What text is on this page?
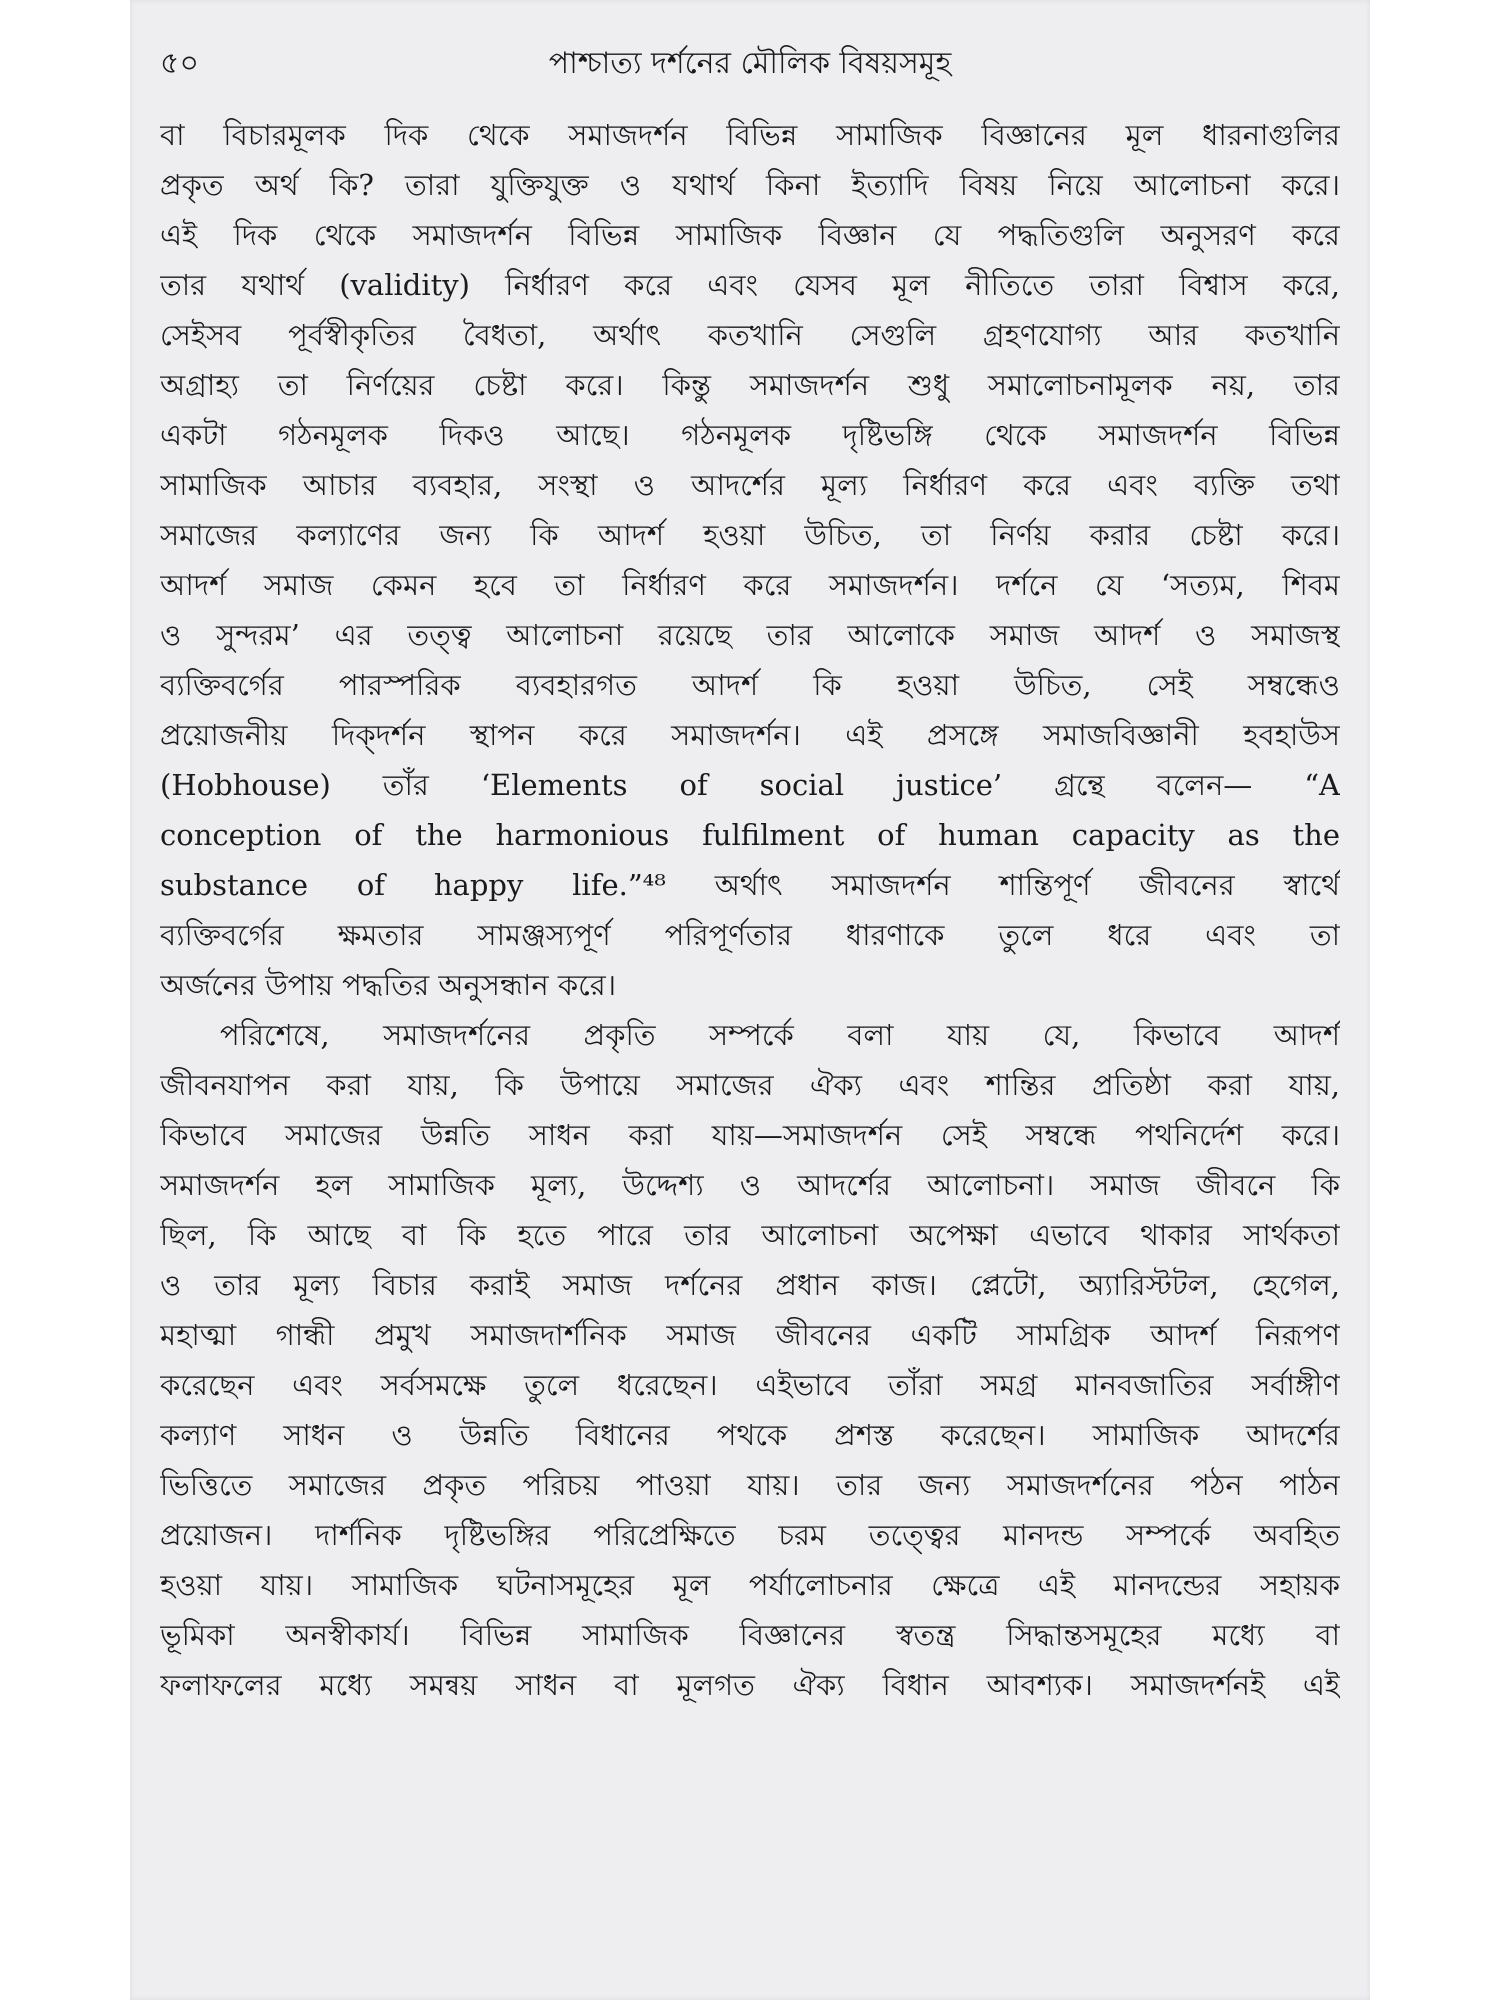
৫০	পাশ্চাত্য দর্শনের মৌলিক বিষয়সমূহ
বা বিচারমূলক দিক থেকে সমাজদর্শন বিভিন্ন সামাজিক বিজ্ঞানের মূল ধারনাগুলির
প্রকৃত অর্থ কি? তারা যুক্তিযুক্ত ও যথার্থ কিনা ইত্যাদি বিষয় নিয়ে আলোচনা করে।
এই দিক থেকে সমাজদর্শন বিভিন্ন সামাজিক বিজ্ঞান যে পদ্ধতিগুলি অনুসরণ করে
তার যথার্থ (validity) নির্ধারণ করে এবং যেসব মূল নীতিতে তারা বিশ্বাস করে,
সেইসব পূর্বস্বীকৃতির বৈধতা, অর্থাৎ কতখানি সেগুলি গ্রহণযোগ্য আর কতখানি
অগ্রাহ্য তা নির্ণয়ের চেষ্টা করে। কিন্তু সমাজদর্শন শুধু সমালোচনামূলক নয়, তার
একটা গঠনমূলক দিকও আছে। গঠনমূলক দৃষ্টিভঙ্গি থেকে সমাজদর্শন বিভিন্ন
সামাজিক আচার ব্যবহার, সংস্থা ও আদর্শের মূল্য নির্ধারণ করে এবং ব্যক্তি তথা
সমাজের কল্যাণের জন্য কি আদর্শ হওয়া উচিত, তা নির্ণয় করার চেষ্টা করে।
আদর্শ সমাজ কেমন হবে তা নির্ধারণ করে সমাজদর্শন। দর্শনে যে ‘সত্যম, শিবম
ও সুন্দরম’ এর তত্ত্ব আলোচনা রয়েছে তার আলোকে সমাজ আদর্শ ও সমাজস্থ
ব্যক্তিবর্গের পারস্পরিক ব্যবহারগত আদর্শ কি হওয়া উচিত, সেই সম্বন্ধেও
প্রয়োজনীয় দিক্দর্শন স্থাপন করে সমাজদর্শন। এই প্রসঙ্গে সমাজবিজ্ঞানী হবহাউস
(Hobhouse) তাঁর ‘Elements of social justice’ গ্রন্থে বলেন— “A
conception of the harmonious fulfilment of human capacity as the
substance of happy life.”⁴⁸ অর্থাৎ সমাজদর্শন শান্তিপূর্ণ জীবনের স্বার্থে
ব্যক্তিবর্গের ক্ষমতার সামঞ্জস্যপূর্ণ পরিপূর্ণতার ধারণাকে তুলে ধরে এবং তা
অর্জনের উপায় পদ্ধতির অনুসন্ধান করে।
পরিশেষে, সমাজদর্শনের প্রকৃতি সম্পর্কে বলা যায় যে, কিভাবে আদর্শ
জীবনযাপন করা যায়, কি উপায়ে সমাজের ঐক্য এবং শান্তির প্রতিষ্ঠা করা যায়,
কিভাবে সমাজের উন্নতি সাধন করা যায়—সমাজদর্শন সেই সম্বন্ধে পথনির্দেশ করে।
সমাজদর্শন হল সামাজিক মূল্য, উদ্দেশ্য ও আদর্শের আলোচনা। সমাজ জীবনে কি
ছিল, কি আছে বা কি হতে পারে তার আলোচনা অপেক্ষা এভাবে থাকার সার্থকতা
ও তার মূল্য বিচার করাই সমাজ দর্শনের প্রধান কাজ। প্লেটো, অ্যারিস্টটল, হেগেল,
মহাত্মা গান্ধী প্রমুখ সমাজদার্শনিক সমাজ জীবনের একটি সামগ্রিক আদর্শ নিরূপণ
করেছেন এবং সর্বসমক্ষে তুলে ধরেছেন। এইভাবে তাঁরা সমগ্র মানবজাতির সর্বাঙ্গীণ
কল্যাণ সাধন ও উন্নতি বিধানের পথকে প্রশস্ত করেছেন। সামাজিক আদর্শের
ভিত্তিতে সমাজের প্রকৃত পরিচয় পাওয়া যায়। তার জন্য সমাজদর্শনের পঠন পাঠন
প্রয়োজন। দার্শনিক দৃষ্টিভঙ্গির পরিপ্রেক্ষিতে চরম তত্ত্বের মানদন্ড সম্পর্কে অবহিত
হওয়া যায়। সামাজিক ঘটনাসমূহের মূল পর্যালোচনার ক্ষেত্রে এই মানদন্ডের সহায়ক
ভূমিকা অনস্বীকার্য। বিভিন্ন সামাজিক বিজ্ঞানের স্বতন্ত্র সিদ্ধান্তসমূহের মধ্যে বা
ফলাফলের মধ্যে সমন্বয় সাধন বা মূলগত ঐক্য বিধান আবশ্যক। সমাজদর্শনই এই
